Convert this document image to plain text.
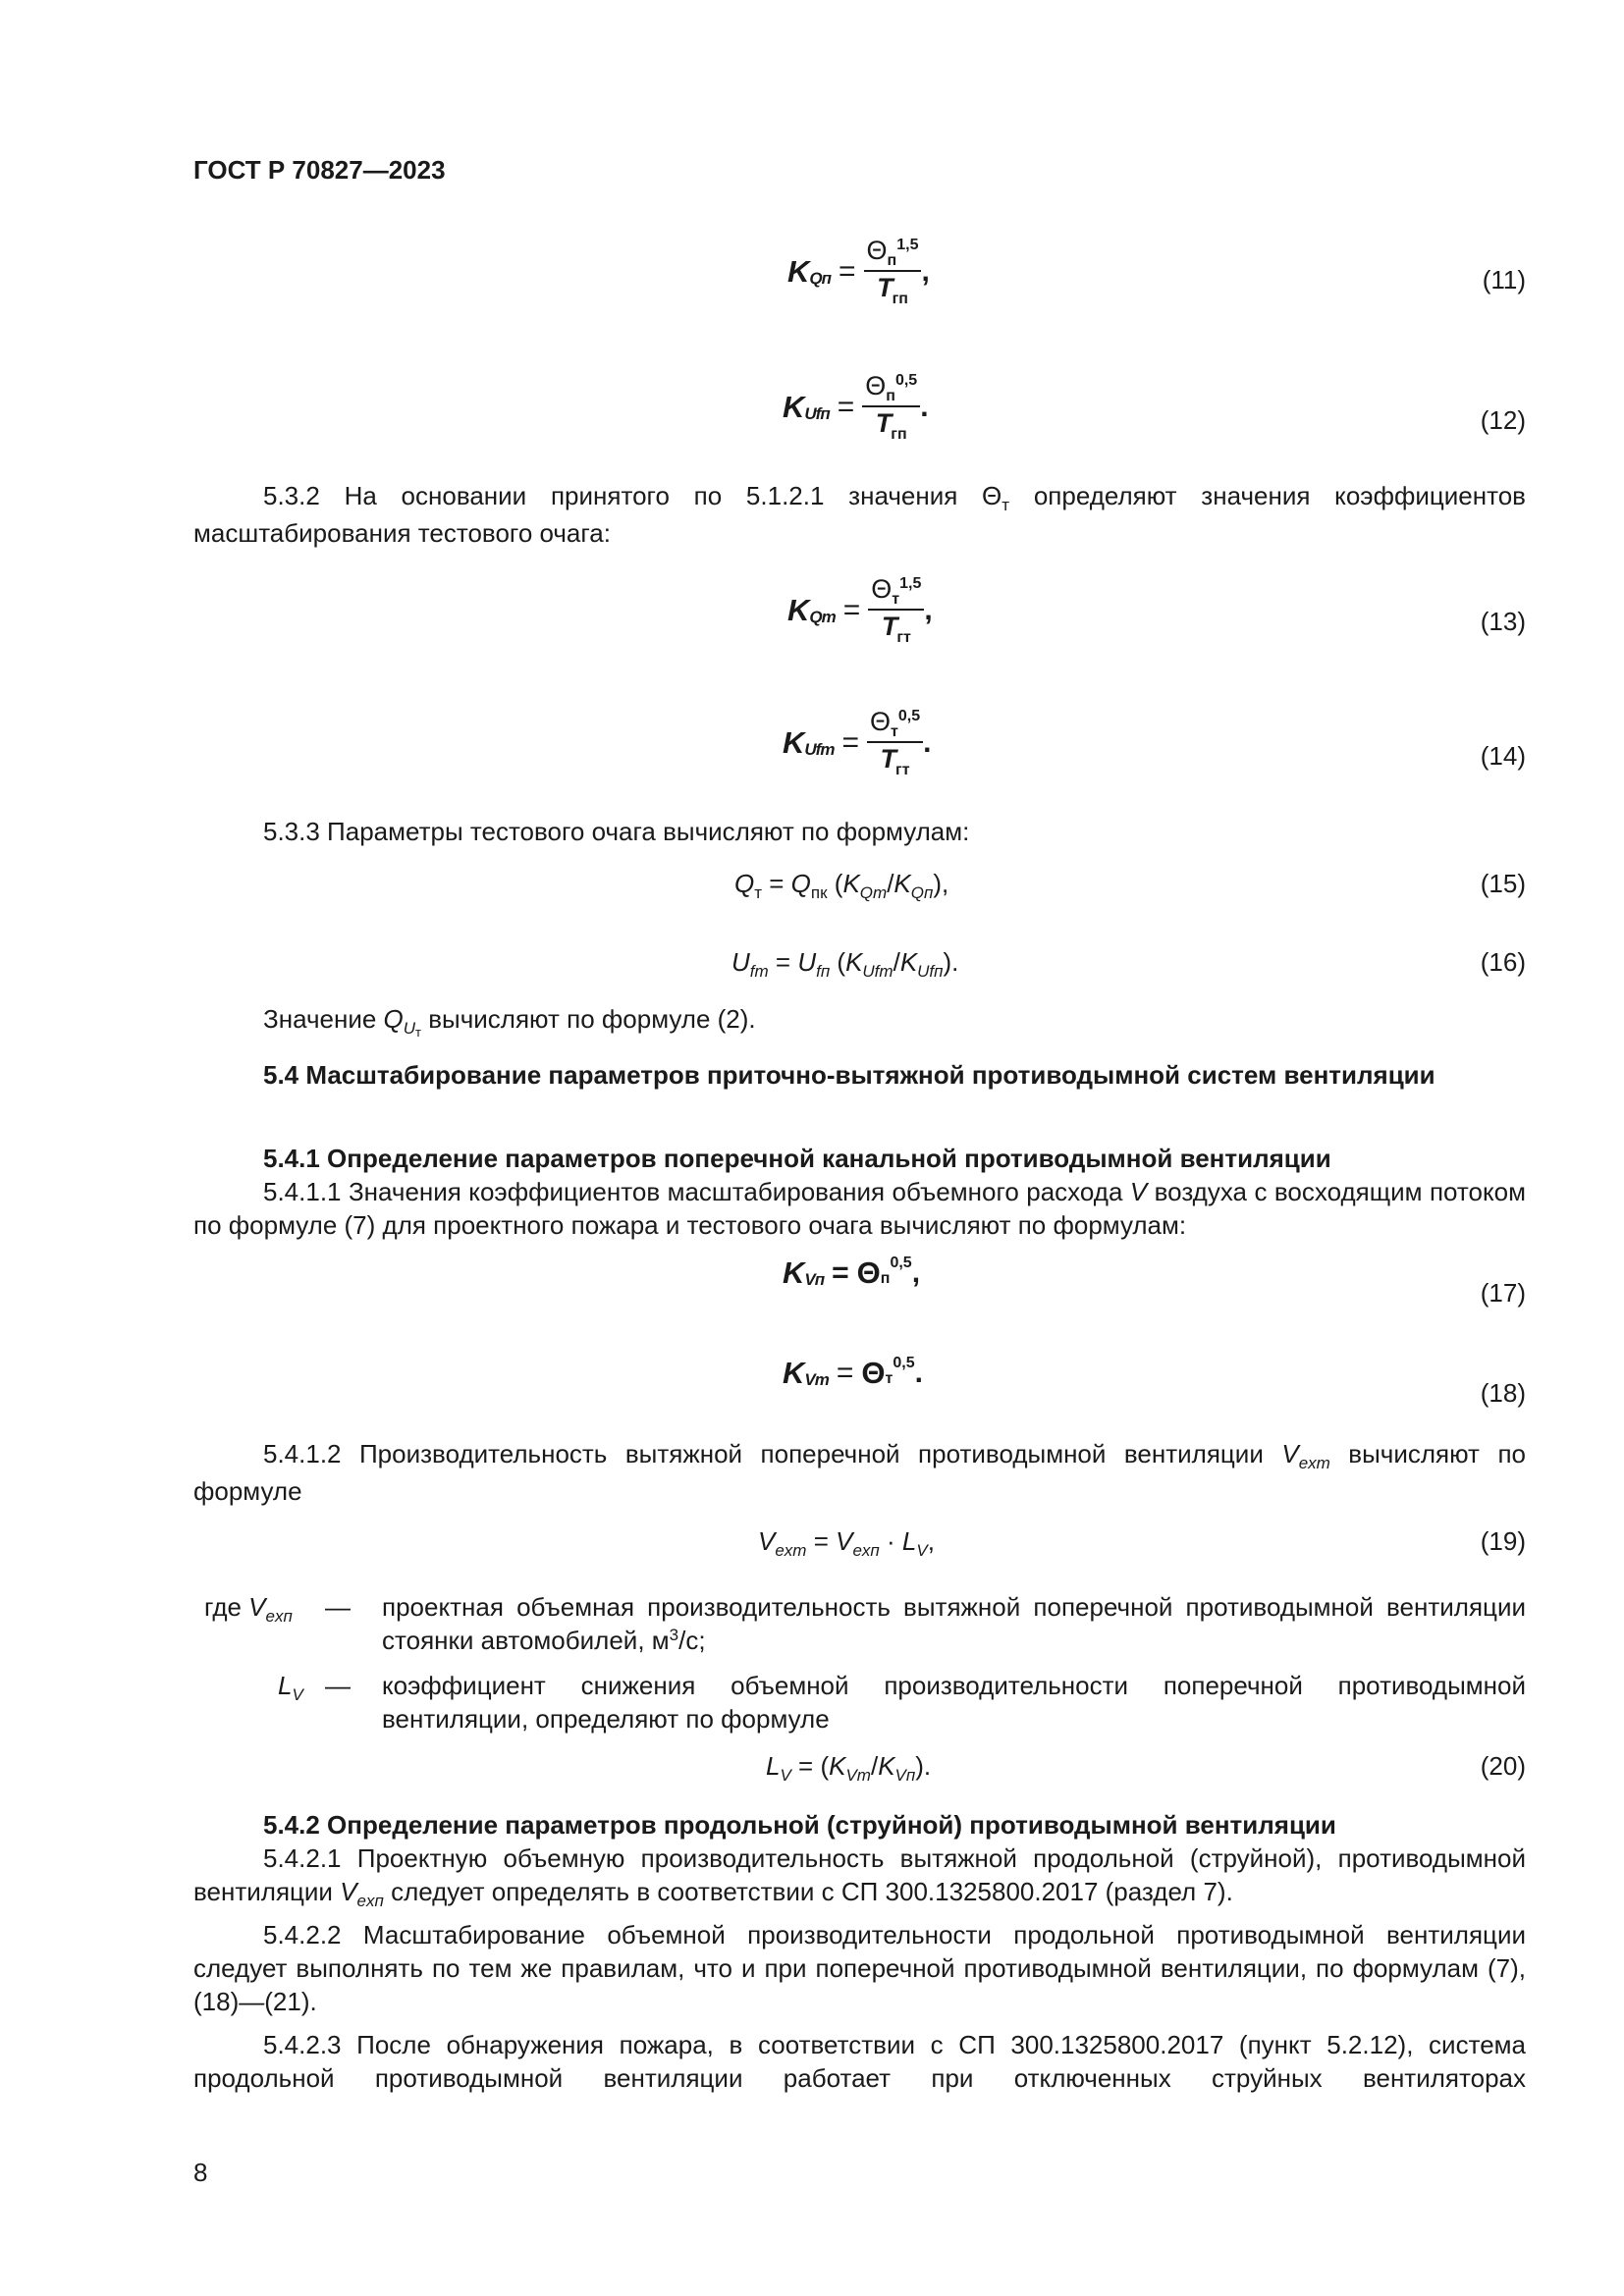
ГОСТ Р 70827—2023
K Qп = $\frac{\Theta_п^{1,5}}{T_{гп}}$ ,	(11)
K Ufп = $\frac{\Theta_п^{0,5}}{T_{гп}}$ .	(12)
5.3.2 На основании принятого по 5.1.2.1 значения $\Theta_т$ определяют значения коэффициентов масштабирования тестового очага:
K Qт = $\frac{\Theta_т^{1,5}}{T_{гт}}$ ,	(13)
K Ufт = $\frac{\Theta_т^{0,5}}{T_{гт}}$ .	(14)
5.3.3 Параметры тестового очага вычисляют по формулам:
$Q_т = Q_{пк}$ $(K_{Qт}/K_{Qп})$,	(15)
$U_{fт} = U_{fп}$ $(K_{Ufт}/K_{Ufп})$.	(16)
Значение $Q_{Uт}$ вычисляют по формуле (2).
5.4 Масштабирование параметров приточно-вытяжной противодымной систем вентиляции
5.4.1 Определение параметров поперечной канальной противодымной вентиляции
5.4.1.1 Значения коэффициентов масштабирования объемного расхода V воздуха с восходящим потоком по формуле (7) для проектного пожара и тестового очага вычисляют по формулам:
K Vп = Θ п
0,5 ,
(17)
K Vт = Θ т
0,5 .
(18)
5.4.1.2 Производительность вытяжной поперечной противодымной вентиляции $V_{exт}$ вычисляют по формуле
$V_{exт} = V_{exп} \cdot L_V$,	(19)
где $V_{exп}$ — проектная объемная производительность вытяжной поперечной противодымной вентиляции стоянки автомобилей, $м^3/с$;
$L_V$ — коэффициент снижения объемной производительности поперечной противодымной вентиляции, определяют по формуле
$L_V = (K_{Vт}/K_{Vп})$.	(20)
5.4.2 Определение параметров продольной (струйной) противодымной вентиляции
5.4.2.1 Проектную объемную производительность вытяжной продольной (струйной), противодымной вентиляции $V_{exп}$ следует определять в соответствии с СП 300.1325800.2017 (раздел 7).
5.4.2.2 Масштабирование объемной производительности продольной противодымной вентиляции следует выполнять по тем же правилам, что и при поперечной противодымной вентиляции, по формулам (7), (18)—(21).
5.4.2.3 После обнаружения пожара, в соответствии с СП 300.1325800.2017 (пункт 5.2.12), система продольной противодымной вентиляции работает при отключенных струйных вентиляторах
8
